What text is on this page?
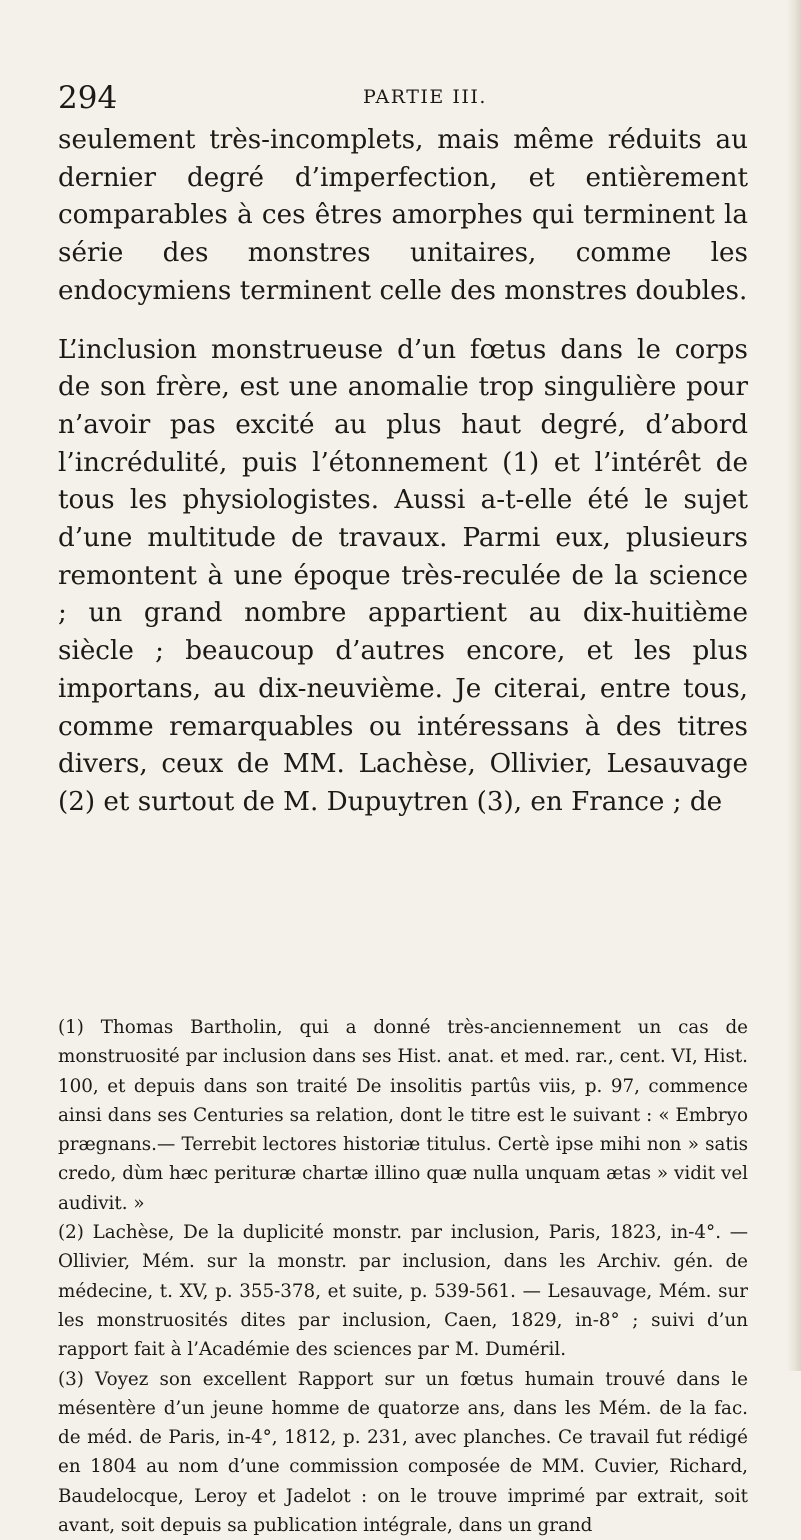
294	PARTIE III.

seulement très-incomplets, mais même réduits au dernier degré d’imperfection, et entièrement comparables à ces êtres amorphes qui terminent la série des monstres unitaires, comme les endocymiens terminent celle des monstres doubles.

L’inclusion monstrueuse d’un fœtus dans le corps de son frère, est une anomalie trop singulière pour n’avoir pas excité au plus haut degré, d’abord l’incrédulité, puis l’étonnement (1) et l’intérêt de tous les physiologistes. Aussi a-t-elle été le sujet d’une multitude de travaux. Parmi eux, plusieurs remontent à une époque très-reculée de la science ; un grand nombre appartient au dix-huitième siècle ; beaucoup d’autres encore, et les plus importans, au dix-neuvième. Je citerai, entre tous, comme remarquables ou intéressans à des titres divers, ceux de MM. Lachèse, Ollivier, Lesauvage (2) et surtout de M. Dupuytren (3), en France ; de

(1) Thomas Bartholin, qui a donné très-anciennement un cas de monstruosité par inclusion dans ses Hist. anat. et med. rar., cent. VI, Hist. 100, et depuis dans son traité De insolitis partûs viis, p. 97, commence ainsi dans ses Centuries sa relation, dont le titre est le suivant : « Embryo prægnans.— Terrebit lectores historiæ titulus. Certè ipse mihi non » satis credo, dùm hæc perituræ chartæ illino quæ nulla unquam ætas » vidit vel audivit. »

(2) Lachèse, De la duplicité monstr. par inclusion, Paris, 1823, in-4°. — Ollivier, Mém. sur la monstr. par inclusion, dans les Archiv. gén. de médecine, t. XV, p. 355-378, et suite, p. 539-561. — Lesauvage, Mém. sur les monstruosités dites par inclusion, Caen, 1829, in-8° ; suivi d’un rapport fait à l’Académie des sciences par M. Duméril.

(3) Voyez son excellent Rapport sur un fœtus humain trouvé dans le mésentère d’un jeune homme de quatorze ans, dans les Mém. de la fac. de méd. de Paris, in-4°, 1812, p. 231, avec planches. Ce travail fut rédigé en 1804 au nom d’une commission composée de MM. Cuvier, Richard, Baudelocque, Leroy et Jadelot : on le trouve imprimé par extrait, soit avant, soit depuis sa publication intégrale, dans un grand
